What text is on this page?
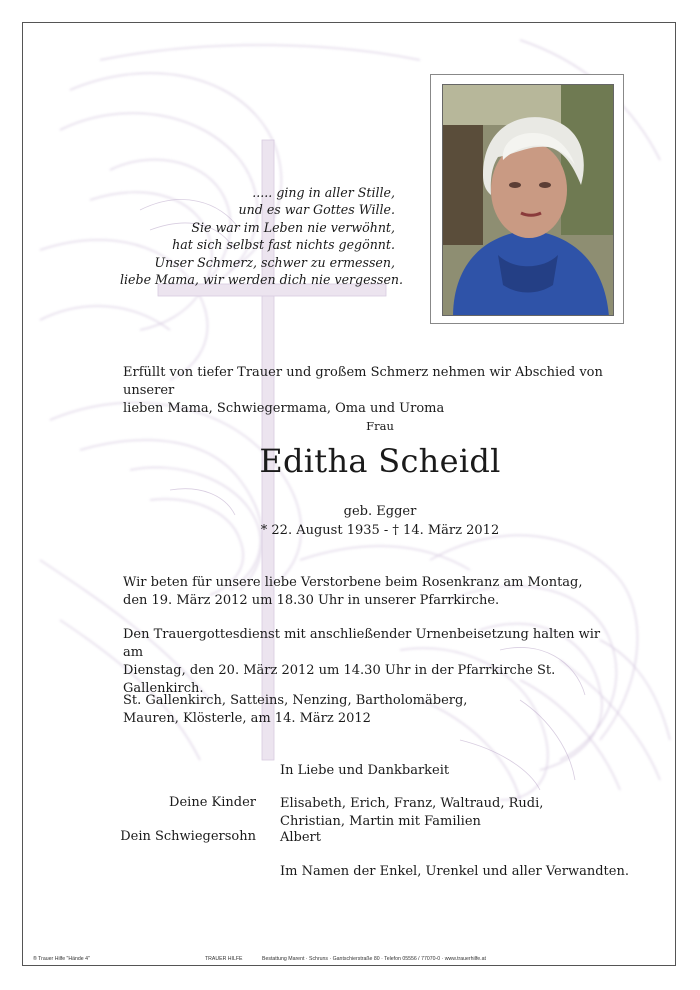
..... ging in aller Stille,
und es war Gottes Wille.
Sie war im Leben nie verwöhnt,
hat sich selbst fast nichts gegönnt.
Unser Schmerz, schwer zu ermessen,
liebe Mama, wir werden dich nie vergessen.
Erfüllt von tiefer Trauer und großem Schmerz nehmen wir Abschied von unserer
lieben Mama, Schwiegermama, Oma und Uroma
Frau
Editha Scheidl
geb. Egger
* 22. August 1935 - † 14. März 2012
Wir beten für unsere liebe Verstorbene beim Rosenkranz am Montag,
den 19. März 2012 um 18.30 Uhr in unserer Pfarrkirche.
Den Trauergottesdienst mit anschließender Urnenbeisetzung halten wir am
Dienstag, den 20. März 2012 um 14.30 Uhr in der Pfarrkirche St. Gallenkirch.
St. Gallenkirch, Satteins, Nenzing, Bartholomäberg,
Mauren, Klösterle, am 14. März 2012
In Liebe und Dankbarkeit
Deine Kinder Elisabeth, Erich, Franz, Waltraud, Rudi,
Christian, Martin mit Familien
Dein Schwiegersohn Albert
Im Namen der Enkel, Urenkel und aller Verwandten.
® Trauer Hilfe "Hände 4"	TRAUER HILFE	Bestattung Marent · Schruns · Gantschierstraße 80 · Telefon 05556 / 77070-0 · www.trauerhilfe.at
